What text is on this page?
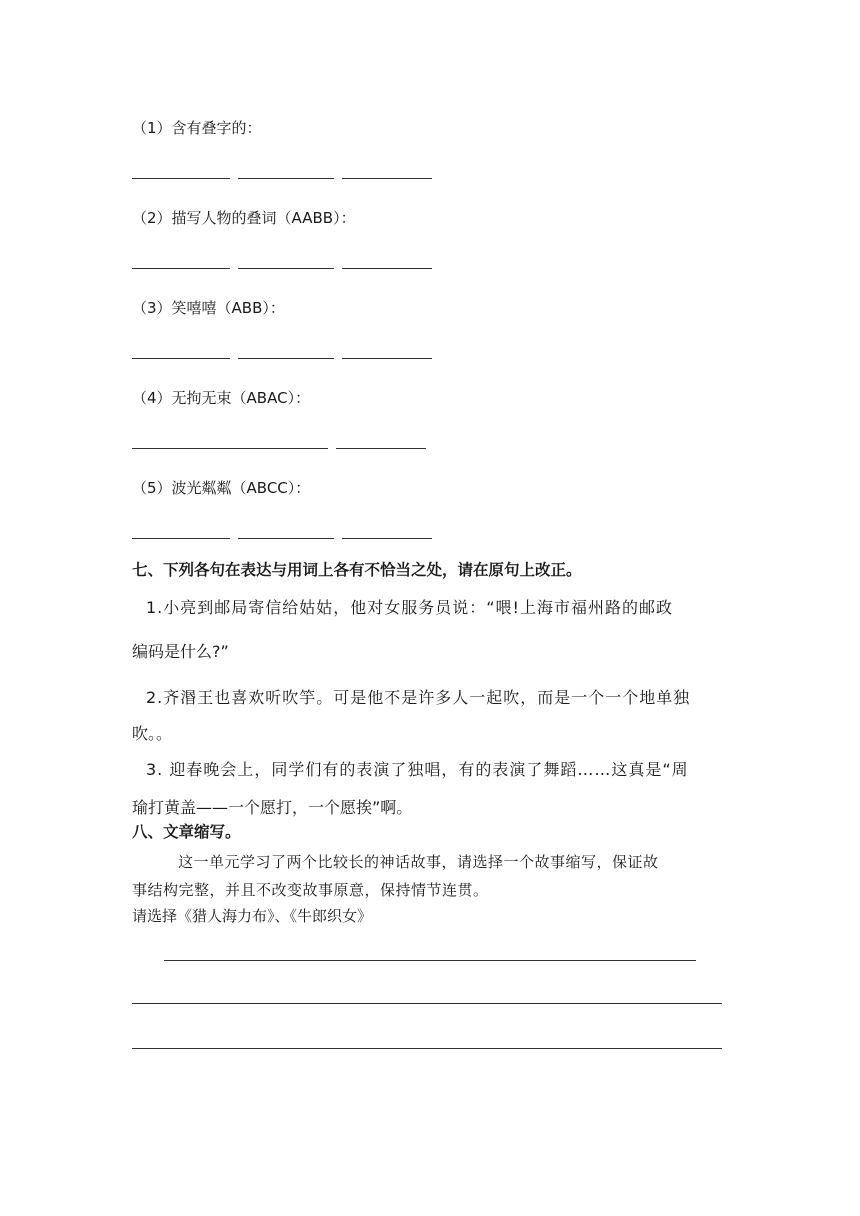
（1）含有叠字的：
（2）描写人物的叠词（AABB）：
（3）笑嘻嘻（ABB）：
（4）无拘无束（ABAC）：
（5）波光粼粼（ABCC）：
七、下列各句在表达与用词上各有不恰当之处，请在原句上改正。
1.小亮到邮局寄信给姑姑，他对女服务员说：“喂!上海市福州路的邮政
编码是什么?”
2.齐湣王也喜欢听吹竽。可是他不是许多人一起吹，而是一个一个地单独
吹。。
3. 迎春晚会上，同学们有的表演了独唱，有的表演了舞蹈……这真是“周
瑜打黄盖——一个愿打，一个愿挨”啊。
八、文章缩写。
这一单元学习了两个比较长的神话故事，请选择一个故事缩写，保证故
事结构完整，并且不改变故事原意，保持情节连贯。
请选择《猎人海力布》、《牛郎织女》
